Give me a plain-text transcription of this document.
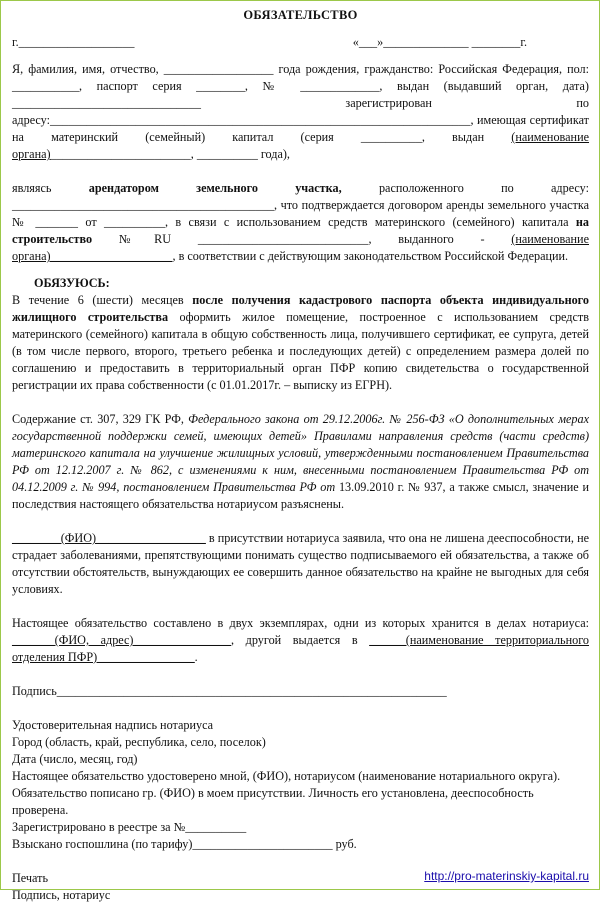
ОБЯЗАТЕЛЬСТВО
г.___________________	«___»______________ ________г.

Я, фамилия, имя, отчество, __________________ года рождения, гражданство: Российская Федерация, пол: ___________, паспорт серия ________, № _____________, выдан (выдавший орган, дата) _______________________________ зарегистрирован по адресу:_____________________________________________________________________, имеющая сертификат на материнский (семейный) капитал (серия __________, выдан (наименование органа)_______________________, __________ года),

являясь арендатором земельного участка, расположенного по адресу: ___________________________________________, что подтверждается договором аренды земельного участка № _______ от __________, в связи с использованием средств материнского (семейного) капитала на строительство №RU ____________________________, выданного - (наименование органа)____________________, в соответствии с действующим законодательством Российской Федерации.

ОБЯЗУЮСЬ:
В течение 6 (шести) месяцев после получения кадастрового паспорта объекта индивидуального жилищного строительства оформить жилое помещение, построенное с использованием средств материнского (семейного) капитала в общую собственность лица, получившего сертификат, ее супруга, детей (в том числе первого, второго, третьего ребенка и последующих детей) с определением размера долей по соглашению и предоставить в территориальный орган ПФР копию свидетельства о государственной регистрации их права собственности (с 01.01.2017г. – выписку из ЕГРН).

Содержание ст. 307, 329 ГК РФ, Федерального закона от 29.12.2006г. № 256-ФЗ «О дополнительных мерах государственной поддержки семей, имеющих детей» Правилами направления средств (части средств) материнского капитала на улучшение жилищных условий, утвержденными постановлением Правительства РФ от 12.12.2007 г. № 862, с изменениями к ним, внесенными постановлением Правительства РФ от 04.12.2009 г. № 994, постановлением Правительства РФ от 13.09.2010 г. № 937, а также смысл, значение и последствия настоящего обязательства нотариусом разъяснены.

________(ФИО)__________________ в присутствии нотариуса заявила, что она не лишена дееспособности, не страдает заболеваниями, препятствующими понимать существо подписываемого ей обязательства, а также об отсутствии обстоятельств, вынуждающих ее совершить данное обязательство на крайне не выгодных для себя условиях.

Настоящее обязательство составлено в двух экземплярах, одни из которых хранится в делах нотариуса: _______(ФИО, адрес)________________, другой выдается в ______(наименование территориального отделения ПФР)________________.

Подпись________________________________________________________________
Удостоверительная надпись нотариуса
Город (область, край, республика, село, поселок)
Дата (число, месяц, год)
Настоящее обязательство удостоверено мной, (ФИО), нотариусом (наименование нотариального округа).
Обязательство пописано гр. (ФИО) в моем присутствии. Личность его установлена, дееспособность проверена.
Зарегистрировано в реестре за №__________
Взыскано госпошлина (по тарифу)_______________________ руб.
Печать
Подпись, нотариус
http://pro-materinskiy-kapital.ru
